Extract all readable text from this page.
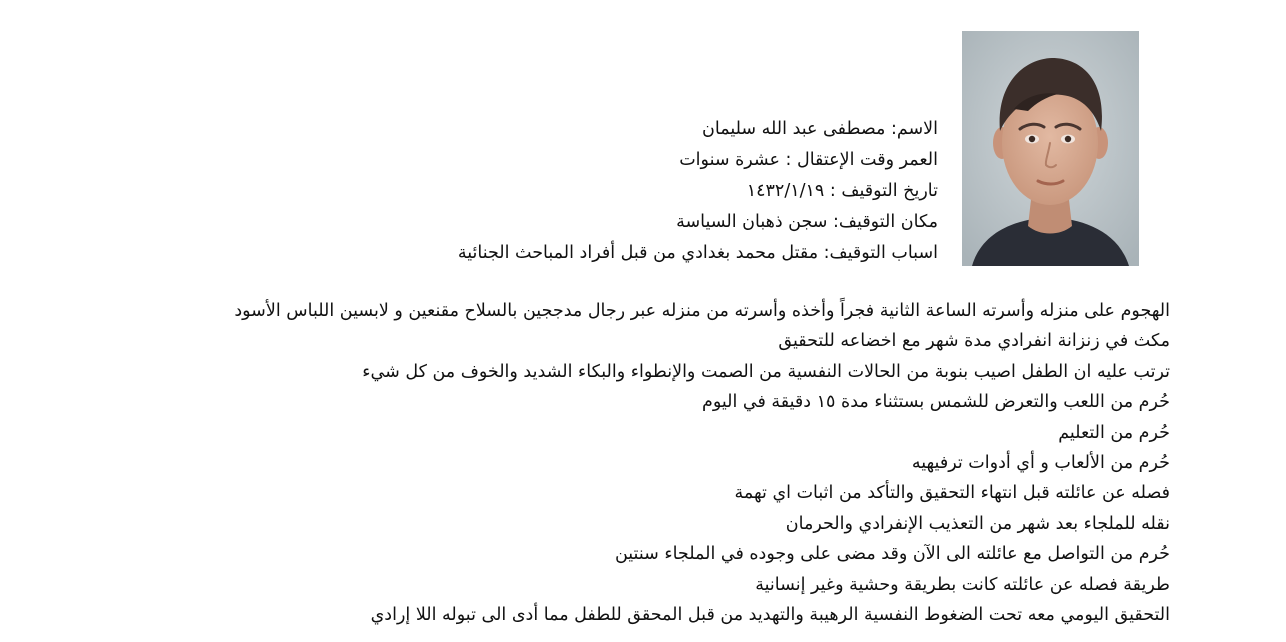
الاسم: مصطفى عبد الله سليمان
العمر وقت الإعتقال : عشرة سنوات
تاريخ التوقيف : ١٤٣٢/١/١٩
مكان التوقيف: سجن ذهبان السياسة
اسباب التوقيف: مقتل محمد بغدادي من قبل أفراد المباحث الجنائية
الهجوم على منزله وأسرته الساعة الثانية فجراً وأخذه وأسرته من منزله عبر رجال مدججين بالسلاح مقنعين و لابسين اللباس الأسود
مكث في زنزانة انفرادي مدة شهر مع اخضاعه للتحقيق
ترتب عليه ان الطفل اصيب بنوبة من الحالات النفسية من الصمت والإنطواء والبكاء الشديد والخوف من كل شيء
حُرم من اللعب والتعرض للشمس بستثناء مدة ١٥ دقيقة في اليوم
حُرم من التعليم
حُرم من الألعاب و أي أدوات ترفيهيه
فصله عن عائلته قبل انتهاء التحقيق والتأكد من اثبات اي تهمة
نقله للملجاء بعد شهر من التعذيب الإنفرادي والحرمان
حُرم من التواصل مع عائلته الى الآن وقد مضى على وجوده في الملجاء سنتين
طريقة فصله عن عائلته كانت بطريقة وحشية وغير إنسانية
التحقيق اليومي معه تحت الضغوط النفسية الرهيبة والتهديد من قبل المحقق للطفل مما أدى الى تبوله اللا إرادي
